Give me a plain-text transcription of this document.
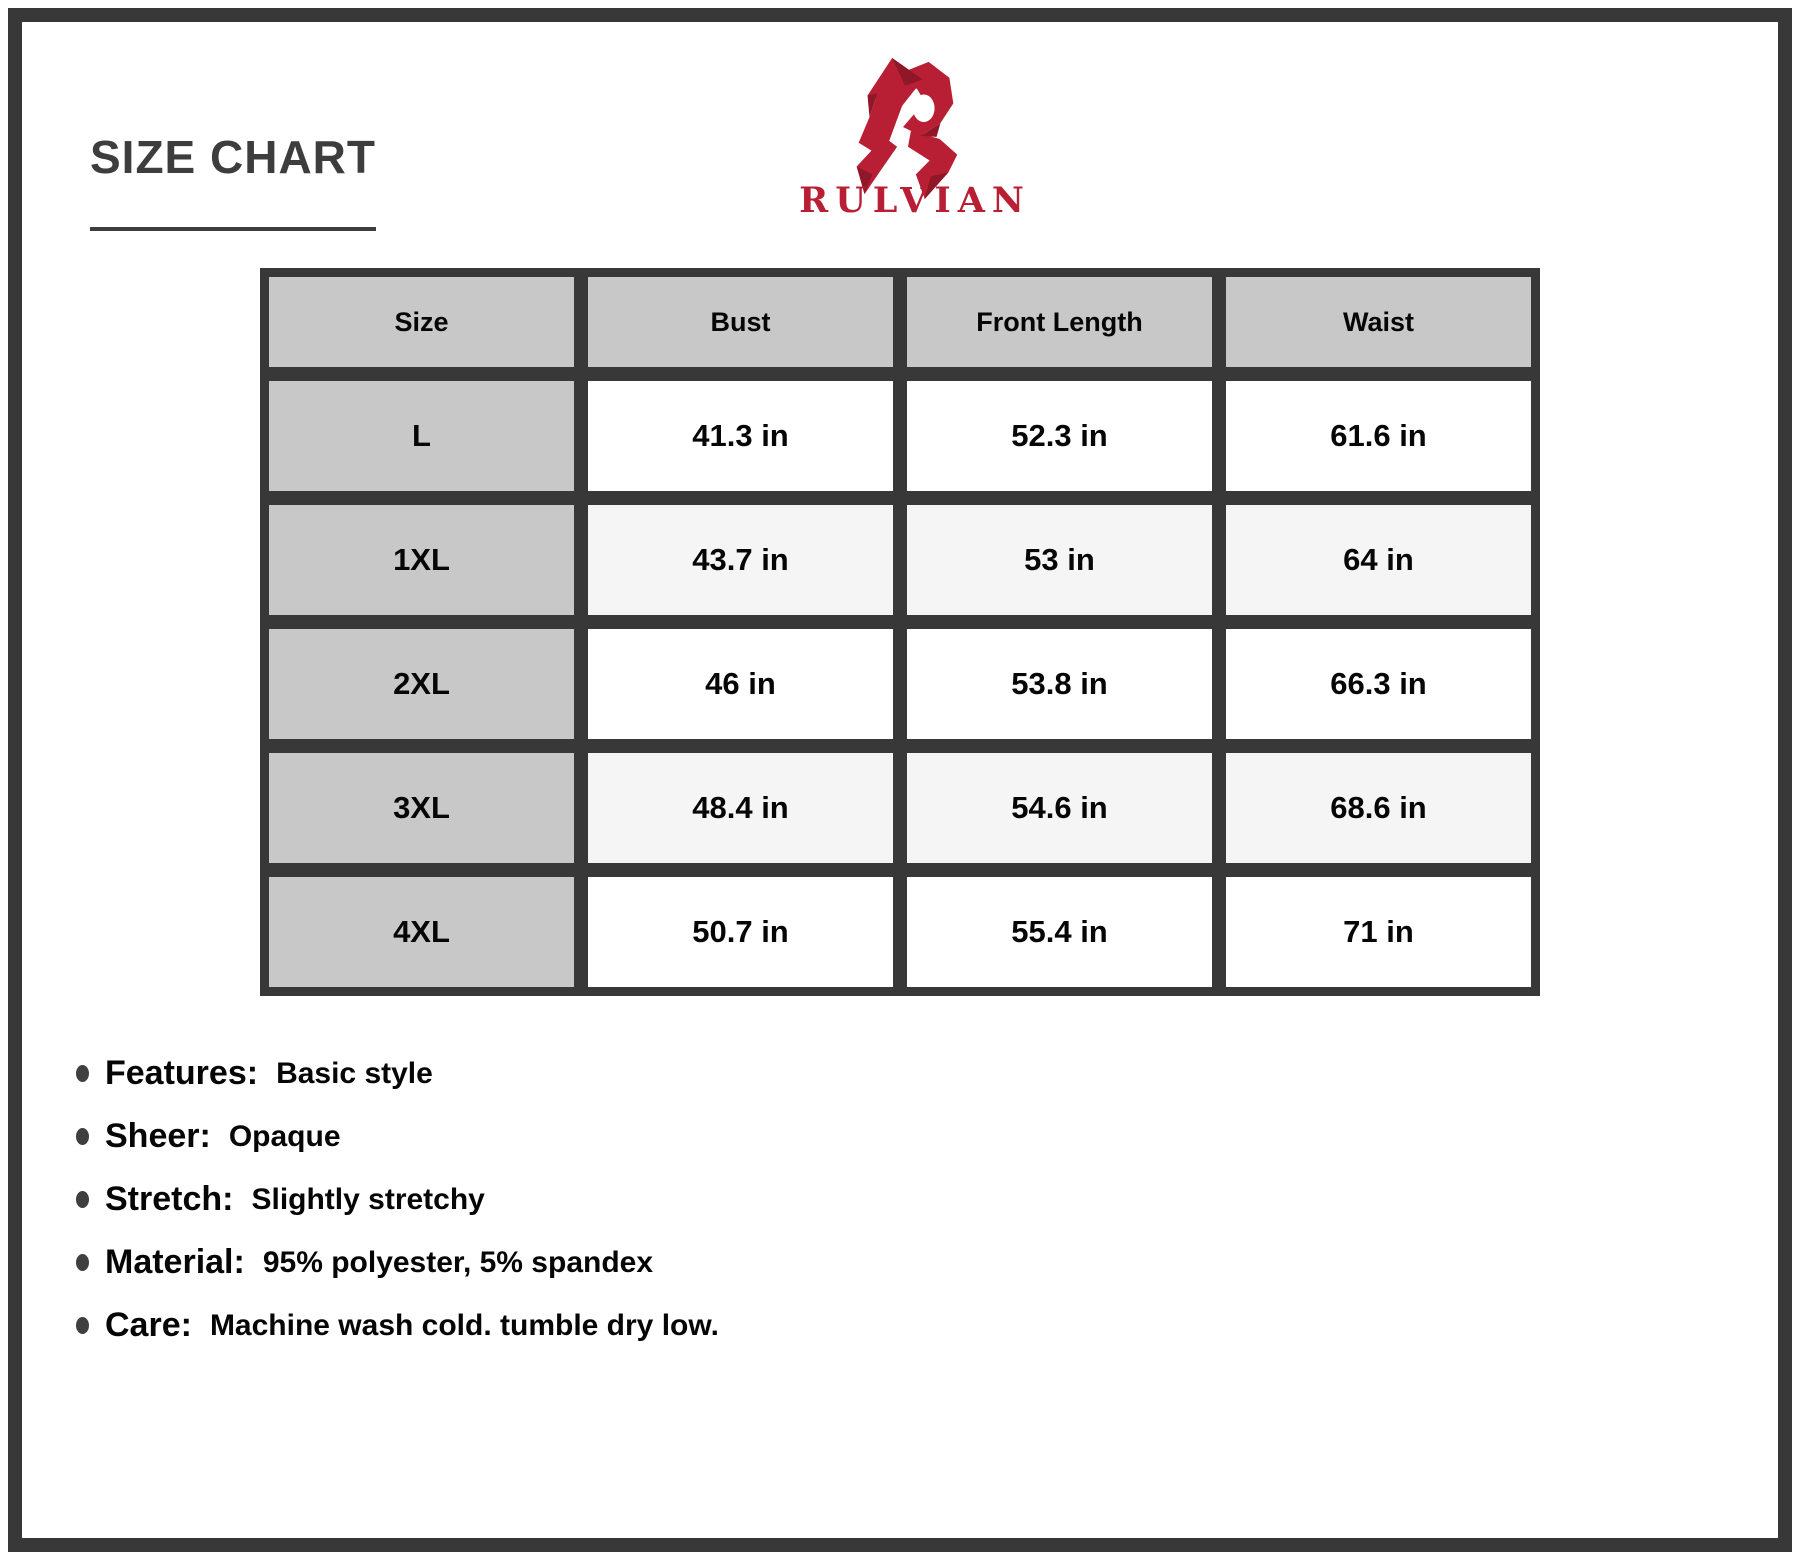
SIZE CHART
RULVIAN
Size	Bust	Front Length	Waist
L	41.3 in	52.3 in	61.6 in
1XL	43.7 in	53 in	64 in
2XL	46 in	53.8 in	66.3 in
3XL	48.4 in	54.6 in	68.6 in
4XL	50.7 in	55.4 in	71 in
Features: Basic style
Sheer: Opaque
Stretch: Slightly stretchy
Material: 95% polyester, 5% spandex
Care: Machine wash cold. tumble dry low.
